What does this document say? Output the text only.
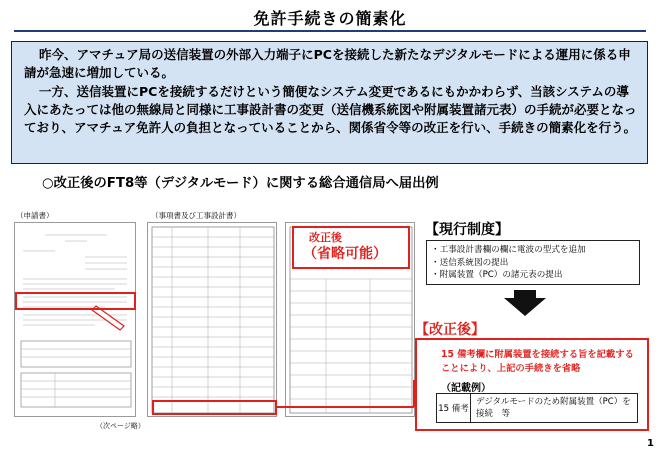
免許手続きの簡素化

昨今、アマチュア局の送信装置の外部入力端子にPCを接続した新たなデジタルモードによる運用に係る申請が急速に増加している。

一方、送信装置にPCを接続するだけという簡便なシステム変更であるにもかかわらず、当該システムの導入にあたっては他の無線局と同様に工事設計書の変更（送信機系統図や附属装置諸元表）の手続が必要となっており、アマチュア免許人の負担となっていることから、関係省令等の改正を行い、手続きの簡素化を行う。

○改正後のFT8等（デジタルモード）に関する総合通信局へ届出例
（申請書）	（事項書及び工事設計書）
（次ページ略）
改正後
（省略可能）
【現行制度】
・工事設計書欄の欄に電波の型式を追加
・送信系統図の提出
・附属装置（PC）の諸元表の提出
【改正後】
15 備考欄に附属装置を接続する旨を記載する
ことにより、上記の手続きを省略
（記載例）
15 備考
デジタルモードのため附属装置（PC）を
接続　等
1
